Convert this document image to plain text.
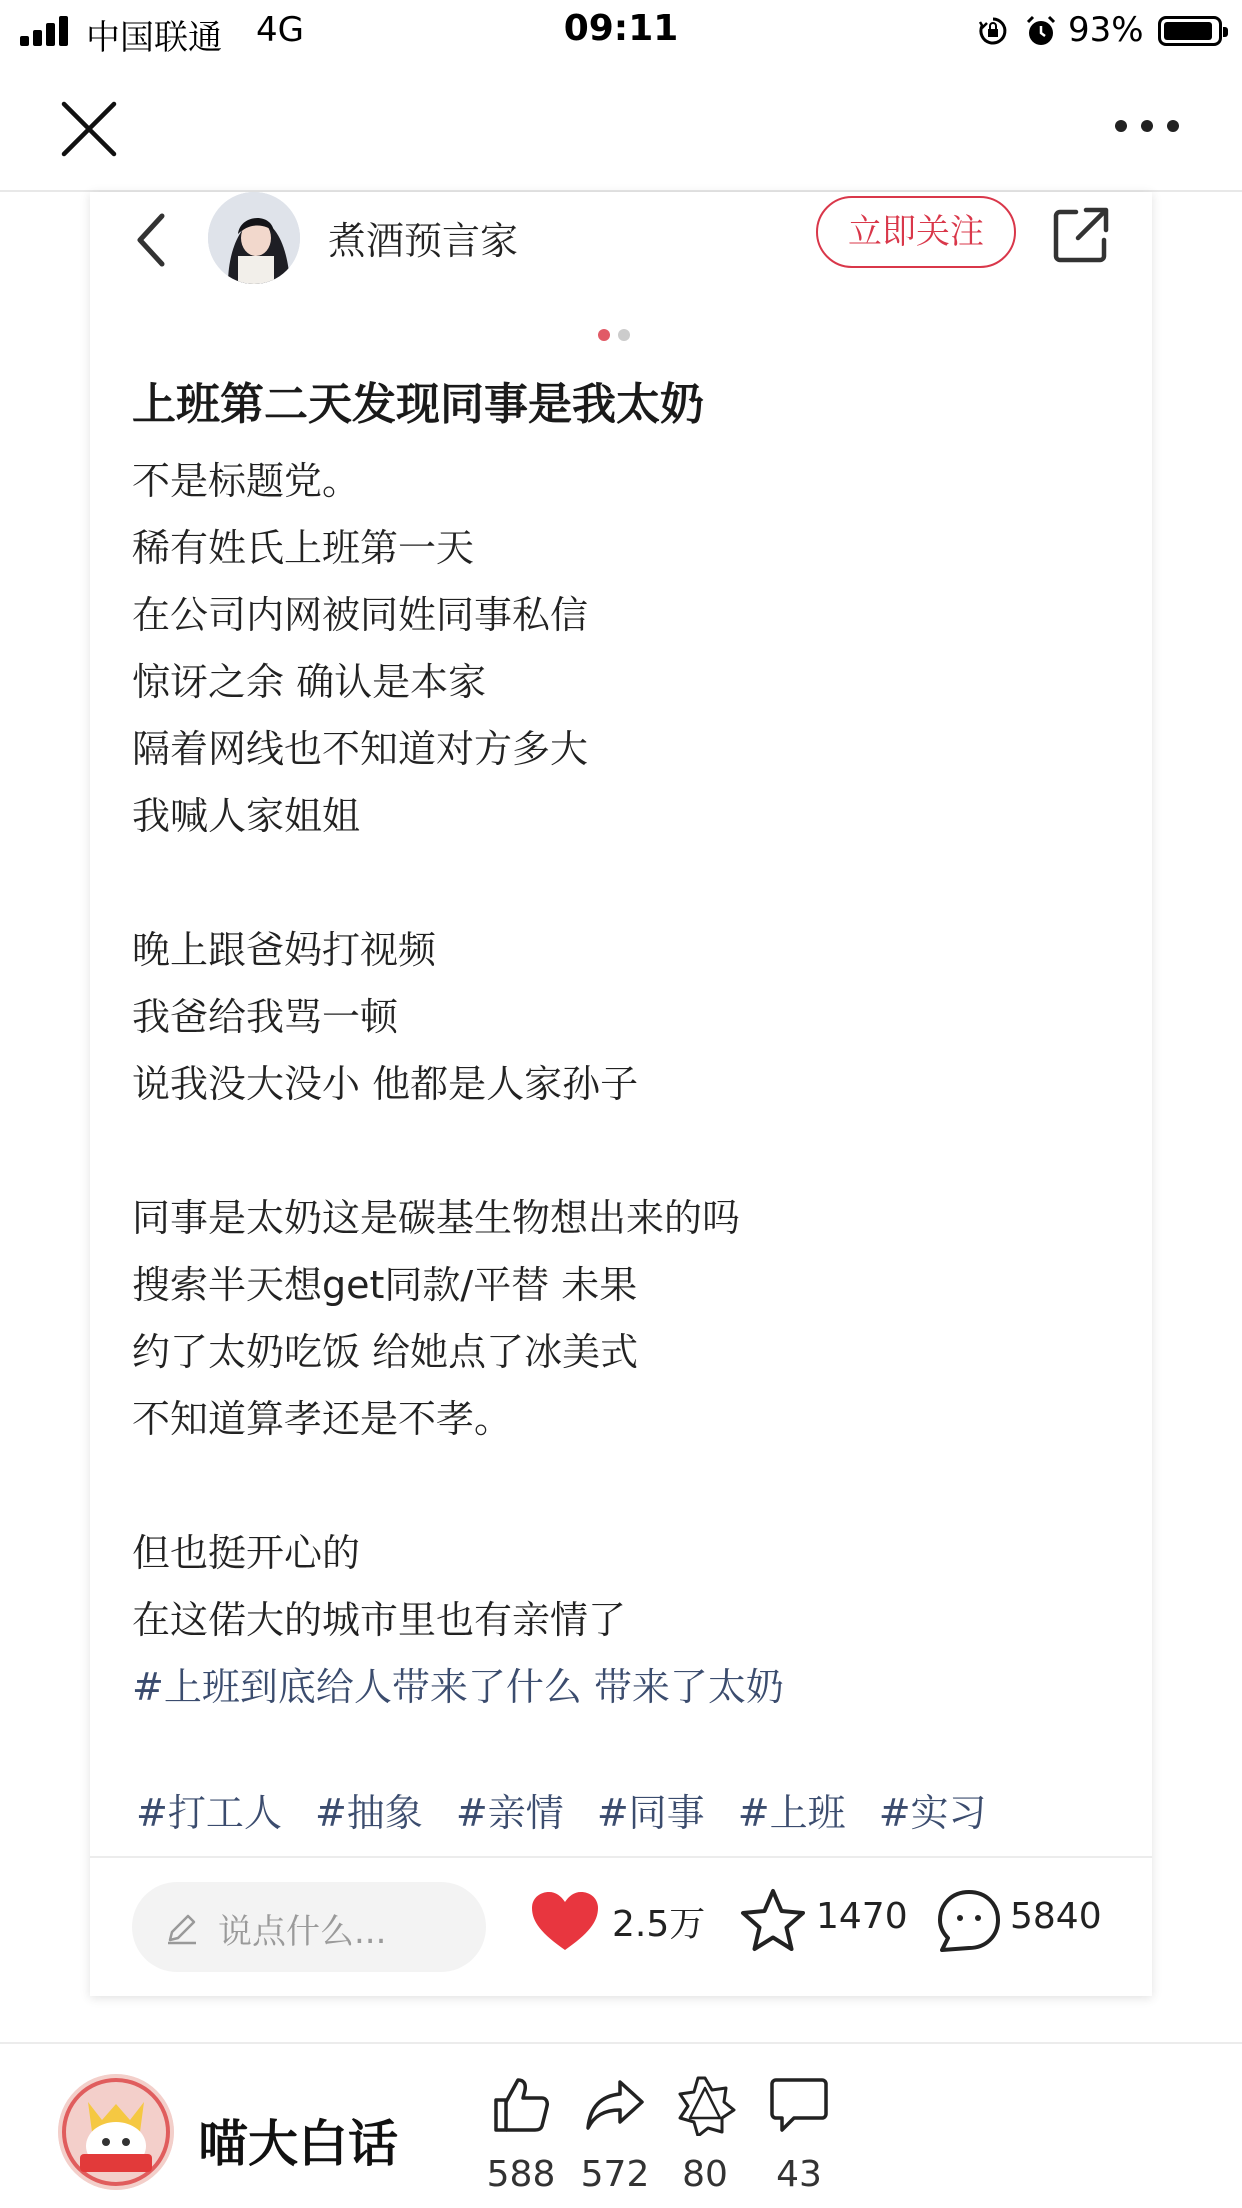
中国联通 4G	09:11	93%
煮酒预言家	立即关注
上班第二天发现同事是我太奶
不是标题党。
稀有姓氏上班第一天
在公司内网被同姓同事私信
惊讶之余 确认是本家
隔着网线也不知道对方多大
我喊人家姐姐
晚上跟爸妈打视频
我爸给我骂一顿
说我没大没小 他都是人家孙子
同事是太奶这是碳基生物想出来的吗
搜索半天想get同款/平替 未果
约了太奶吃饭 给她点了冰美式
不知道算孝还是不孝。
但也挺开心的
在这偌大的城市里也有亲情了
#上班到底给人带来了什么 带来了太奶
#打工人 #抽象 #亲情 #同事 #上班 #实习
说点什么...	2.5万	1470	5840
喵大白话
588 572 80	43
